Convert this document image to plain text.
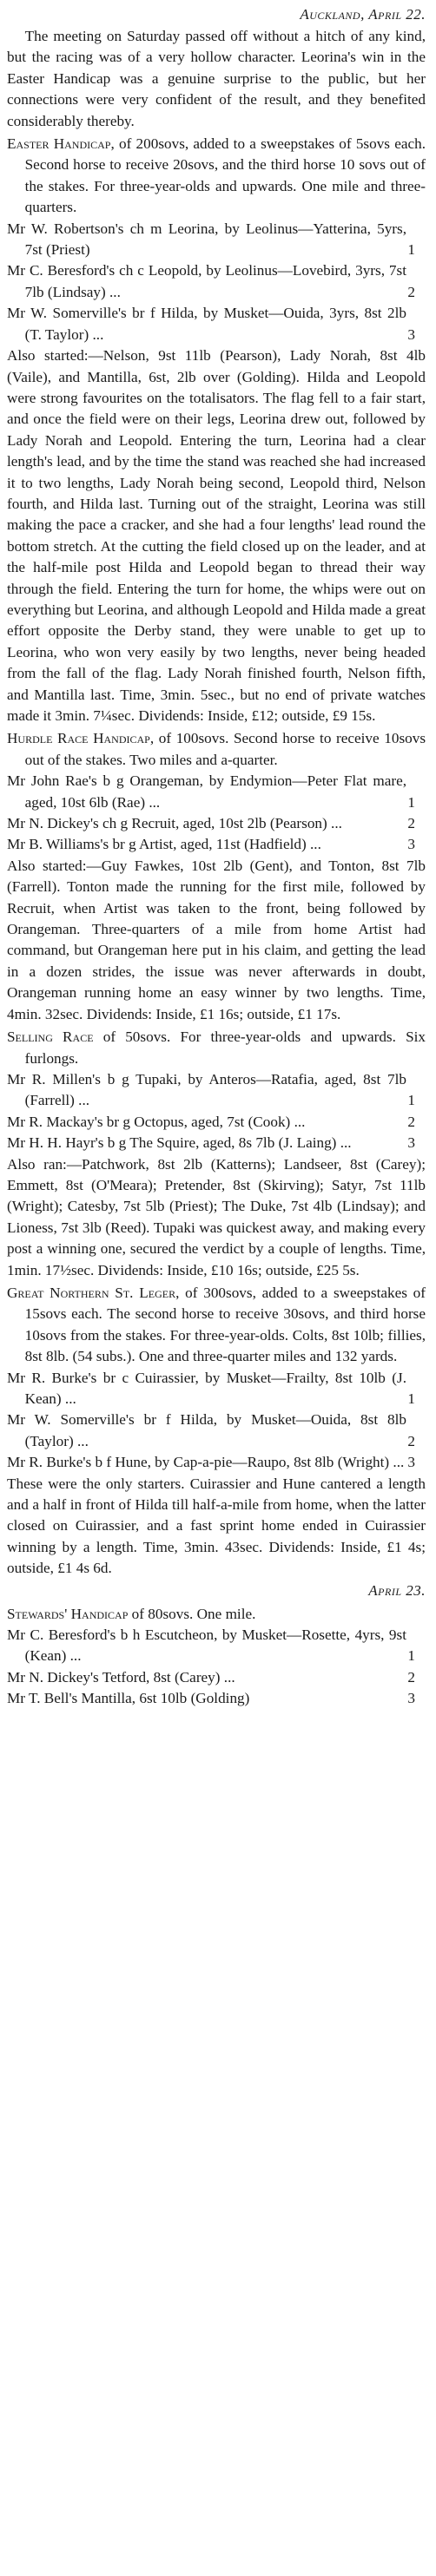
Auckland, April 22.

The meeting on Saturday passed off without a hitch of any kind, but the racing was of a very hollow character. Leorina's win in the Easter Handicap was a genuine surprise to the public, but her connections were very confident of the result, and they benefited considerably thereby.

Easter Handicap, of 200sovs, added to a sweepstakes of 5sovs each. Second horse to receive 20sovs, and the third horse 10 sovs out of the stakes. For three-year-olds and upwards. One mile and three-quarters.

Mr W. Robertson's ch m Leorina, by Leolinus—Yatterina, 5yrs, 7st (Priest)	1

Mr C. Beresford's ch c Leopold, by Leolinus—Lovebird, 3yrs, 7st 7lb (Lindsay) ...	2

Mr W. Somerville's br f Hilda, by Musket—Ouida, 3yrs, 8st 2lb (T. Taylor) ...	3

Also started:—Nelson, 9st 11lb (Pearson), Lady Norah, 8st 4lb (Vaile), and Mantilla, 6st, 2lb over (Golding). Hilda and Leopold were strong favourites on the totalisators. The flag fell to a fair start, and once the field were on their legs, Leorina drew out, followed by Lady Norah and Leopold. Entering the turn, Leorina had a clear length's lead, and by the time the stand was reached she had increased it to two lengths, Lady Norah being second, Leopold third, Nelson fourth, and Hilda last. Turning out of the straight, Leorina was still making the pace a cracker, and she had a four lengths' lead round the bottom stretch. At the cutting the field closed up on the leader, and at the half-mile post Hilda and Leopold began to thread their way through the field. Entering the turn for home, the whips were out on everything but Leorina, and although Leopold and Hilda made a great effort opposite the Derby stand, they were unable to get up to Leorina, who won very easily by two lengths, never being headed from the fall of the flag. Lady Norah finished fourth, Nelson fifth, and Mantilla last. Time, 3min. 5sec., but no end of private watches made it 3min. 7¼sec. Dividends: Inside, £12; outside, £9 15s.

Hurdle Race Handicap, of 100sovs. Second horse to receive 10sovs out of the stakes. Two miles and a-quarter.

Mr John Rae's b g Orangeman, by Endymion—Peter Flat mare, aged, 10st 6lb (Rae) ...	1

Mr N. Dickey's ch g Recruit, aged, 10st 2lb (Pearson) ...	2

Mr B. Williams's br g Artist, aged, 11st (Hadfield) ...	3

Also started:—Guy Fawkes, 10st 2lb (Gent), and Tonton, 8st 7lb (Farrell). Tonton made the running for the first mile, followed by Recruit, when Artist was taken to the front, being followed by Orangeman. Three-quarters of a mile from home Artist had command, but Orangeman here put in his claim, and getting the lead in a dozen strides, the issue was never afterwards in doubt, Orangeman running home an easy winner by two lengths. Time, 4min. 32sec. Dividends: Inside, £1 16s; outside, £1 17s.

Selling Race of 50sovs. For three-year-olds and upwards. Six furlongs.

Mr R. Millen's b g Tupaki, by Anteros—Ratafia, aged, 8st 7lb (Farrell) ...	1

Mr R. Mackay's br g Octopus, aged, 7st (Cook) ...	2

Mr H. H. Hayr's b g The Squire, aged, 8s 7lb (J. Laing) ...	3

Also ran:—Patchwork, 8st 2lb (Katterns); Landseer, 8st (Carey); Emmett, 8st (O'Meara); Pretender, 8st (Skirving); Satyr, 7st 11lb (Wright); Catesby, 7st 5lb (Priest); The Duke, 7st 4lb (Lindsay); and Lioness, 7st 3lb (Reed). Tupaki was quickest away, and making every post a winning one, secured the verdict by a couple of lengths. Time, 1min. 17½sec. Dividends: Inside, £10 16s; outside, £25 5s.

Great Northern St. Leger, of 300sovs, added to a sweepstakes of 15sovs each. The second horse to receive 30sovs, and third horse 10sovs from the stakes. For three-year-olds. Colts, 8st 10lb; fillies, 8st 8lb. (54 subs.). One and three-quarter miles and 132 yards.

Mr R. Burke's br c Cuirassier, by Musket—Frailty, 8st 10lb (J. Kean) ...	1

Mr W. Somerville's br f Hilda, by Musket—Ouida, 8st 8lb (Taylor) ...	2

Mr R. Burke's b f Hune, by Cap-a-pie—Raupo, 8st 8lb (Wright) ... 3

These were the only starters. Cuirassier and Hune cantered a length and a half in front of Hilda till half-a-mile from home, when the latter closed on Cuirassier, and a fast sprint home ended in Cuirassier winning by a length. Time, 3min. 43sec. Dividends: Inside, £1 4s; outside, £1 4s 6d.

April 23.

Stewards' Handicap of 80sovs. One mile.

Mr C. Beresford's b h Escutcheon, by Musket—Rosette, 4yrs, 9st (Kean) ...	1

Mr N. Dickey's Tetford, 8st (Carey) ...	2

Mr T. Bell's Mantilla, 6st 10lb (Golding)	3
